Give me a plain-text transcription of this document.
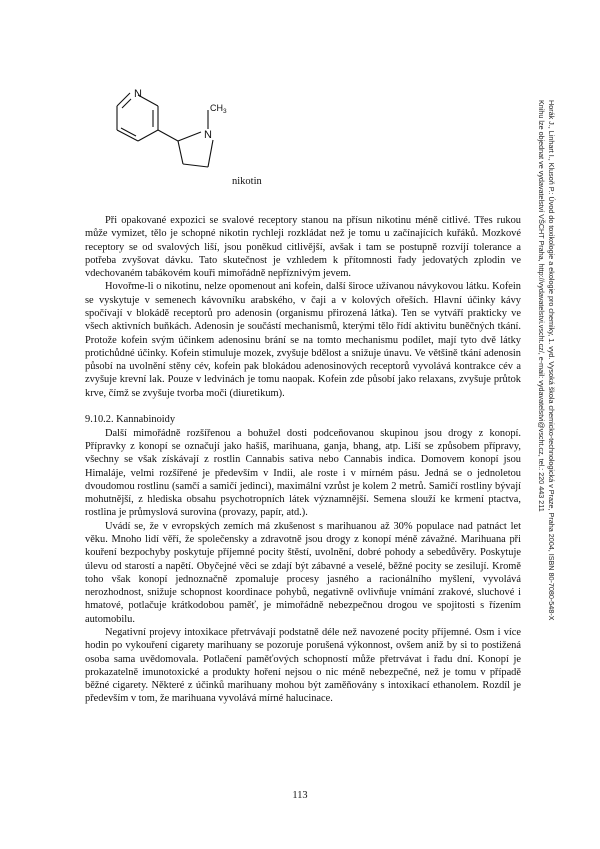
N
N
$CH_3$
nikotin

Při opakované expozici se svalové receptory stanou na přísun nikotinu méně citlivé. Třes rukou může vymizet, tělo je schopné nikotin rychleji rozkládat než je tomu u začínajících kuřáků. Mozkové receptory se od svalových liší, jsou poněkud citlivější, avšak i tam se postupně rozvíjí tolerance a potřeba zvyšovat dávku. Tato skutečnost je vzhledem k přítomnosti řady jedovatých zplodin ve vdechovaném tabákovém kouři mimořádně nepříznivým jevem.

Hovořme-li o nikotinu, nelze opomenout ani kofein, další široce užívanou návykovou látku. Kofein se vyskytuje v semenech kávovníku arabského, v čaji a v kolových ořeších. Hlavní účinky kávy spočívají v blokádě receptorů pro adenosin (organismu přirozená látka). Ten se vytváří prakticky ve všech aktivních buňkách. Adenosin je součástí mechanismů, kterými tělo řídí aktivitu buněčných tkání. Protože kofein svým účinkem adenosinu brání se na tomto mechanismu podílet, mají tyto dvě látky protichůdné účinky. Kofein stimuluje mozek, zvyšuje bdělost a snižuje únavu. Ve většině tkání adenosin působí na uvolnění stěny cév, kofein pak blokádou adenosinových receptorů vyvolává kontrakce cév a zvyšuje krevní lak. Pouze v ledvinách je tomu naopak. Kofein zde působí jako relaxans, zvyšuje průtok krve, čímž se zvyšuje tvorba moči (diuretikum).

9.10.2. Kannabinoidy

Další mimořádně rozšířenou a bohužel dosti podceňovanou skupinou jsou drogy z konopí. Přípravky z konopí se označují jako hašiš, marihuana, ganja, bhang, atp. Liší se způsobem přípravy, všechny se však získávají z rostlin Cannabis sativa nebo Cannabis indica. Domovem konopí jsou Himaláje, velmi rozšířené je především v Indii, ale roste i v mírném pásu. Jedná se o jednoletou dvoudomou rostlinu (samčí a samičí jedinci), maximální vzrůst je kolem 2 metrů. Samičí rostliny bývají mohutnější, z hlediska obsahu psychotropních látek významnější. Semena slouží ke krmení ptactva, rostlina je průmyslová surovina (provazy, papír, atd.).

Uvádí se, že v evropských zemích má zkušenost s marihuanou až 30% populace nad patnáct let věku. Mnoho lidí věří, že společensky a zdravotně jsou drogy z konopí méně závažné. Marihuana při kouření bezpochyby poskytuje příjemné pocity štěstí, uvolnění, dobré pohody a sebedůvěry. Poskytuje úlevu od starostí a napětí. Obyčejné věci se zdají být zábavné a veselé, běžné pocity se zesilují. Kromě toho však konopí jednoznačně zpomaluje procesy jasného a racionálního myšlení, vyvolává nerozhodnost, snižuje schopnost koordinace pohybů, negativně ovlivňuje vnímání zrakové, sluchové i hmatové, potlačuje krátkodobou paměť, je mimořádně nebezpečnou drogou ve spojitosti s řízením automobilu.

Negativní projevy intoxikace přetrvávají podstatně déle než navozené pocity příjemné. Osm i více hodin po vykouření cigarety marihuany se pozoruje porušená výkonnost, ovšem aniž by si to postižená osoba sama uvědomovala. Potlačení paměťových schopností může přetrvávat i řadu dní. Konopí je prokazatelně imunotoxické a produkty hoření nejsou o nic méně nebezpečné, než je tomu v případě běžné cigarety. Některé z účinků marihuany mohou být zaměňovány s intoxikací ethanolem. Rozdíl je především v tom, že marihuana vyvolává mírné halucinace.

113
Horák J., Linhart I., Klusoň P.: Úvod do toxikologie a ekologie pro chemiky, 1. vyd. Vysoká škola chemicko-technologická v Praze, Praha 2004, ISBN 80-7080-548-X
Knihu lze objednat ve vydavatelství VŠCHT Praha, http://vydavatelstvi.vscht.cz/, e-mail: vydavatelstvi@vscht.cz, tel.: 220 443 211
